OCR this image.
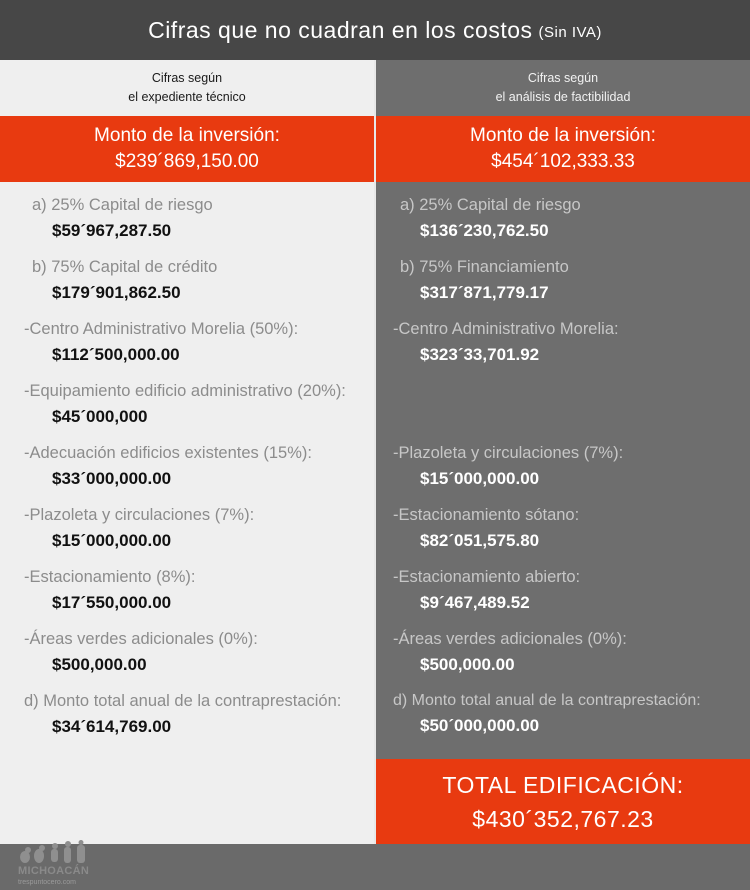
Cifras que no cuadran en los costos (Sin IVA)
Cifras según
el expediente técnico
Monto de la inversión:
$239´869,150.00
a) 25% Capital de riesgo
$59´967,287.50
b) 75% Capital de crédito
$179´901,862.50
-Centro Administrativo Morelia (50%):
$112´500,000.00
-Equipamiento edificio administrativo (20%):
$45´000,000
-Adecuación edificios existentes (15%):
$33´000,000.00
-Plazoleta y circulaciones (7%):
$15´000,000.00
-Estacionamiento (8%):
$17´550,000.00
-Áreas verdes adicionales (0%):
$500,000.00
d) Monto total anual de la contraprestación:
$34´614,769.00
MICHOACÁN
trespuntocero.com
Cifras según
el análisis de factibilidad
Monto de la inversión:
$454´102,333.33
a) 25% Capital de riesgo
$136´230,762.50
b) 75% Financiamiento
$317´871,779.17
-Centro Administrativo Morelia:
$323´33,701.92
-Plazoleta y circulaciones (7%):
$15´000,000.00
-Estacionamiento sótano:
$82´051,575.80
-Estacionamiento abierto:
$9´467,489.52
-Áreas verdes adicionales (0%):
$500,000.00
d) Monto total anual de la contraprestación:
$50´000,000.00
TOTAL EDIFICACIÓN:
$430´352,767.23
